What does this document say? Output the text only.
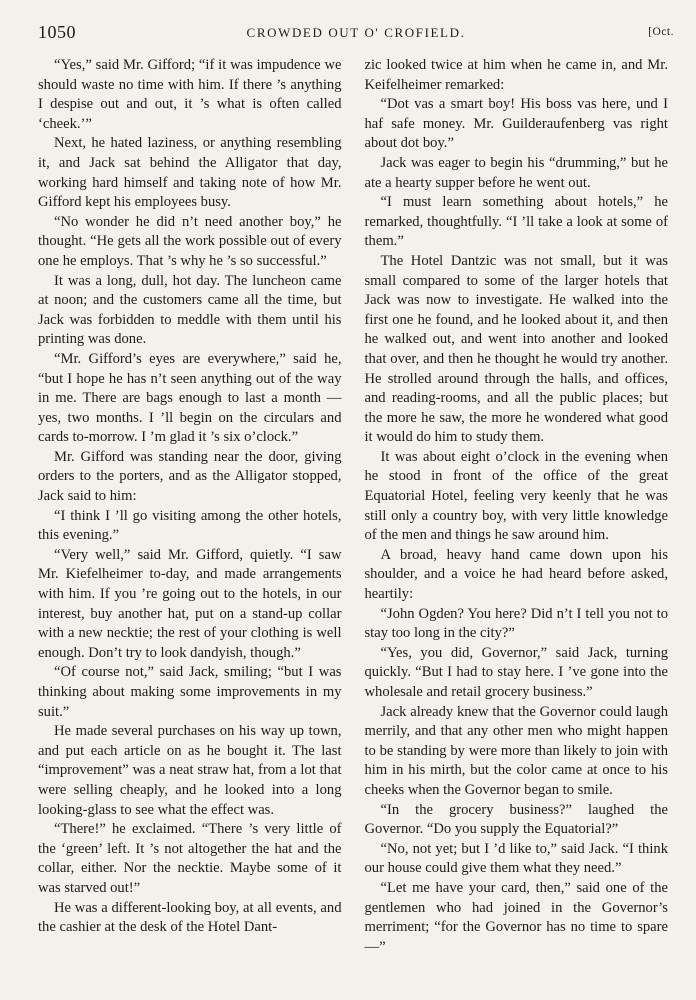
1050	CROWDED OUT O' CROFIELD.	[Oct.

“Yes,” said Mr. Gifford; “if it was impudence we should waste no time with him. If there ’s anything I despise out and out, it ’s what is often called ‘cheek.’”

Next, he hated laziness, or anything resembling it, and Jack sat behind the Alligator that day, working hard himself and taking note of how Mr. Gifford kept his employees busy.

“No wonder he did n’t need another boy,” he thought. “He gets all the work possible out of every one he employs. That ’s why he ’s so successful.”

It was a long, dull, hot day. The luncheon came at noon; and the customers came all the time, but Jack was forbidden to meddle with them until his printing was done.

“Mr. Gifford’s eyes are everywhere,” said he, “but I hope he has n’t seen anything out of the way in me. There are bags enough to last a month — yes, two months. I ’ll begin on the circulars and cards to-morrow. I ’m glad it ’s six o’clock.”

Mr. Gifford was standing near the door, giving orders to the porters, and as the Alligator stopped, Jack said to him:

“I think I ’ll go visiting among the other hotels, this evening.”

“Very well,” said Mr. Gifford, quietly. “I saw Mr. Kiefelheimer to-day, and made arrangements with him. If you ’re going out to the hotels, in our interest, buy another hat, put on a stand-up collar with a new necktie; the rest of your clothing is well enough. Don’t try to look dandyish, though.”

“Of course not,” said Jack, smiling; “but I was thinking about making some improvements in my suit.”

He made several purchases on his way up town, and put each article on as he bought it. The last “improvement” was a neat straw hat, from a lot that were selling cheaply, and he looked into a long looking-glass to see what the effect was.

“There!” he exclaimed. “There ’s very little of the ‘green’ left. It ’s not altogether the hat and the collar, either. Nor the necktie. Maybe some of it was starved out!”

He was a different-looking boy, at all events, and the cashier at the desk of the Hotel Dant-

zic looked twice at him when he came in, and Mr. Keifelheimer remarked:

“Dot vas a smart boy! His boss vas here, und I haf safe money. Mr. Guilderaufenberg vas right about dot boy.”

Jack was eager to begin his “drumming,” but he ate a hearty supper before he went out.

“I must learn something about hotels,” he remarked, thoughtfully. “I ’ll take a look at some of them.”

The Hotel Dantzic was not small, but it was small compared to some of the larger hotels that Jack was now to investigate. He walked into the first one he found, and he looked about it, and then he walked out, and went into another and looked that over, and then he thought he would try another. He strolled around through the halls, and offices, and reading-rooms, and all the public places; but the more he saw, the more he wondered what good it would do him to study them.

It was about eight o’clock in the evening when he stood in front of the office of the great Equatorial Hotel, feeling very keenly that he was still only a country boy, with very little knowledge of the men and things he saw around him.

A broad, heavy hand came down upon his shoulder, and a voice he had heard before asked, heartily:

“John Ogden? You here? Did n’t I tell you not to stay too long in the city?”

“Yes, you did, Governor,” said Jack, turning quickly. “But I had to stay here. I ’ve gone into the wholesale and retail grocery business.”

Jack already knew that the Governor could laugh merrily, and that any other men who might happen to be standing by were more than likely to join with him in his mirth, but the color came at once to his cheeks when the Governor began to smile.

“In the grocery business?” laughed the Governor. “Do you supply the Equatorial?”

“No, not yet; but I ’d like to,” said Jack. “I think our house could give them what they need.”

“Let me have your card, then,” said one of the gentlemen who had joined in the Governor’s merriment; “for the Governor has no time to spare —”
